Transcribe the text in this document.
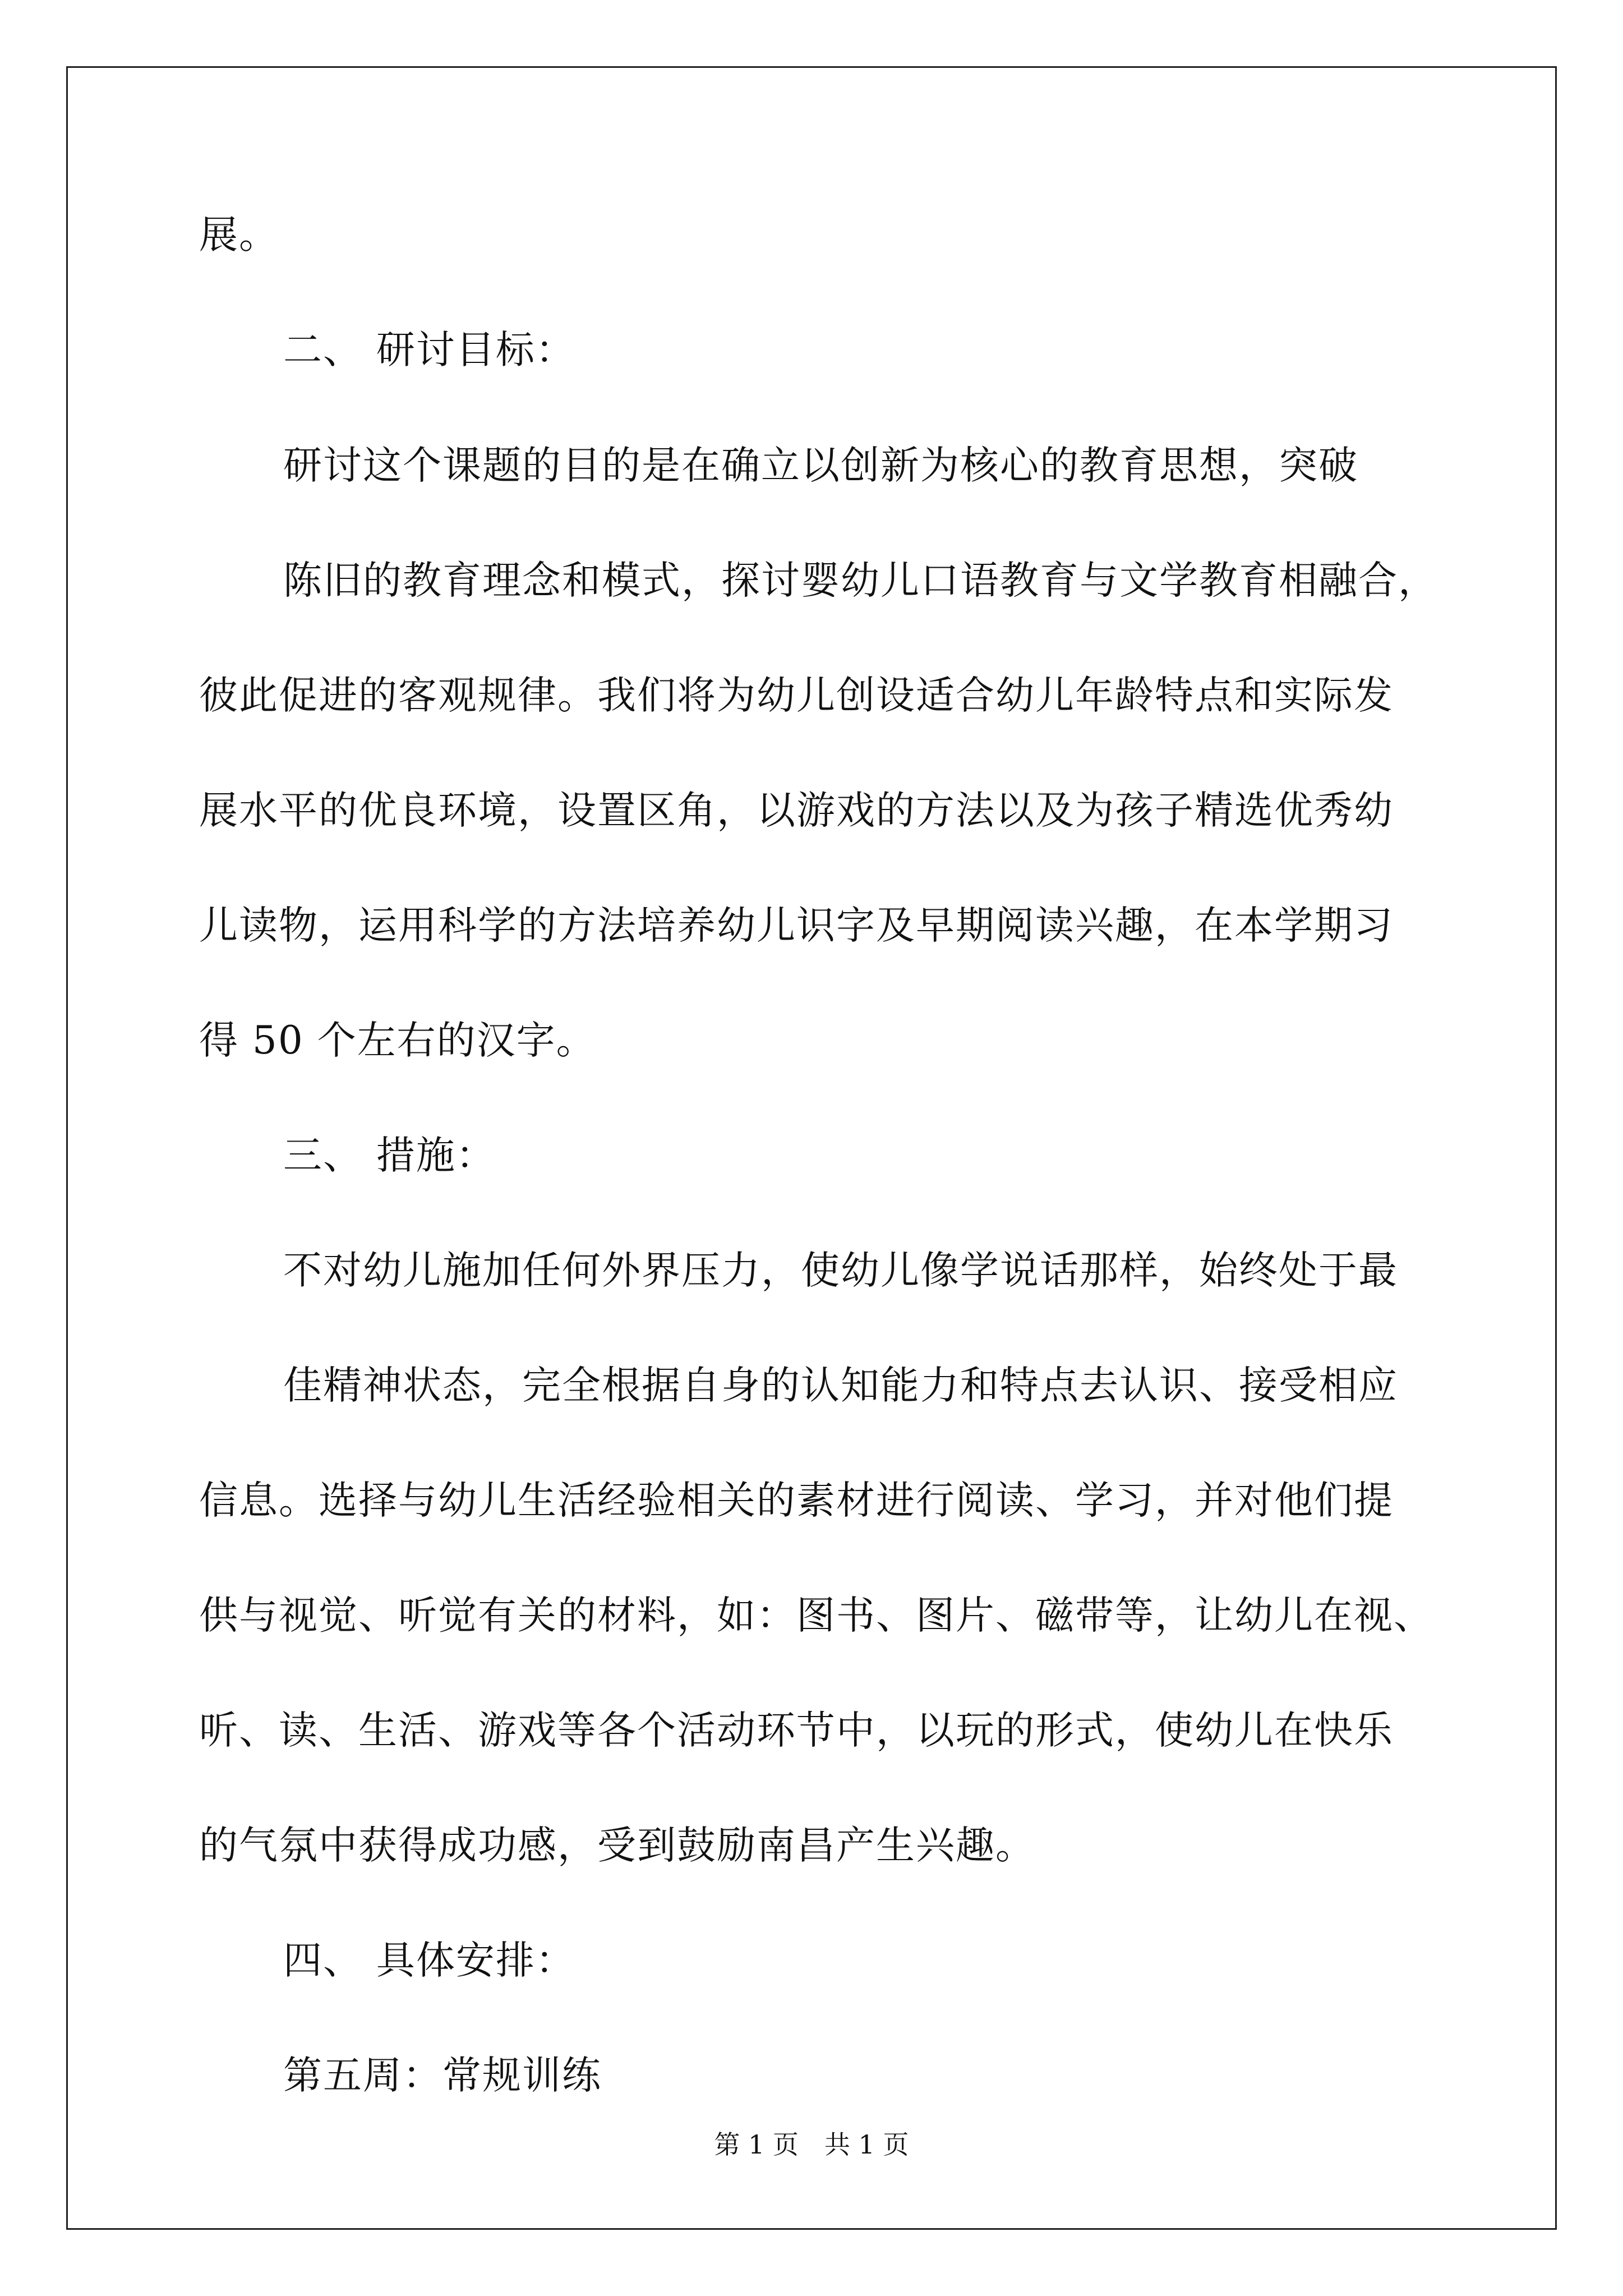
展。
二、 研讨目标：
研讨这个课题的目的是在确立以创新为核心的教育思想，突破
陈旧的教育理念和模式，探讨婴幼儿口语教育与文学教育相融合，
彼此促进的客观规律。我们将为幼儿创设适合幼儿年龄特点和实际发
展水平的优良环境，设置区角，以游戏的方法以及为孩子精选优秀幼
儿读物，运用科学的方法培养幼儿识字及早期阅读兴趣，在本学期习
得 50 个左右的汉字。
三、 措施：
不对幼儿施加任何外界压力，使幼儿像学说话那样，始终处于最
佳精神状态，完全根据自身的认知能力和特点去认识、接受相应
信息。选择与幼儿生活经验相关的素材进行阅读、学习，并对他们提
供与视觉、听觉有关的材料，如：图书、图片、磁带等，让幼儿在视、
听、读、生活、游戏等各个活动环节中，以玩的形式，使幼儿在快乐
的气氛中获得成功感，受到鼓励南昌产生兴趣。
四、 具体安排：
第五周：常规训练
第 1 页　共 1 页
